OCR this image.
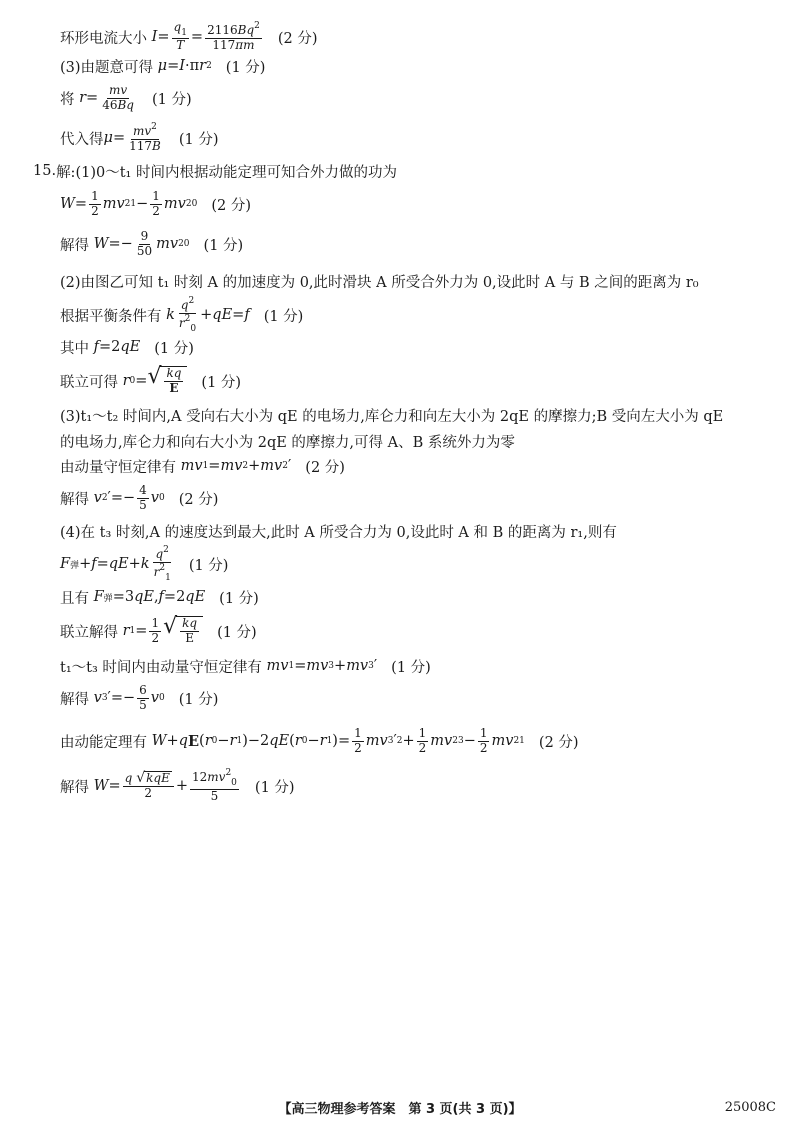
环形电流大小
$I = \frac{q_1}{T} = \frac{2116Bq^2}{117\pi m} (2$ 分)
(3)由题意可得
μ = I ·π r 2 (1 分)
将
$r = \frac{mv}{46Bq} (1$ 分)
代入得 $\mu = \frac{mv^2}{117B} (1$ 分)
15. 解:(1)0～t₁ 时间内根据动能定理可知合外力做的功为
$W = \frac{1}{2}$ mv 2 $1 - \frac{1}{2}$ mv 2 0 (2 分)
解得
$W =- \frac{9}{50}$ mv 2 0 (1 分)
(2)由图乙可知 t₁ 时刻 A 的加速度为 0,此时滑块 A 所受合外力为 0,设此时 A 与 B 之间的距离为 r₀
根据平衡条件有
k $\frac{q^2}{r^2_0}$ + qE = f (1 分)
其中
f =2 qE (1 分)
联立可得
r 0 = √ $\frac{kq}{E} (1$ 分)
(3)t₁～t₂ 时间内,A 受向右大小为 qE 的电场力,库仑力和向左大小为 2qE 的摩擦力;B 受向左大小为 qE
的电场力,库仑力和向右大小为 2qE 的摩擦力,可得 A、B 系统外力为零
由动量守恒定律有
mv 1 = mv 2 + mv 2 ′ (2 分)
解得
v 2 ′=− $\frac{4}{5}$ v 0 (2 分)
(4)在 t₃ 时刻,A 的速度达到最大,此时 A 所受合力为 0,设此时 A 和 B 的距离为 r₁,则有
F 弹 + f = qE + k $\frac{q^2}{r^2_1} (1$ 分)
且有
F 弹 =3 qE , f =2 qE (1 分)
联立解得
r $1 = \frac{1}{2}$ √ $\frac{kq}{E} (1$ 分)
t₁～t₃ 时间内由动量守恒定律有
mv 1 = mv 3 + mv 3 ′ (1 分)
解得
v 3 ′=− $\frac{6}{5}$ v 0 (1 分)
由动能定理有
W + q E ( r 0 − r 1 )−2 qE ( r 0 − r 1 )= $\frac{1}{2}$ mv 3 ′ $2 + \frac{1}{2}$ mv 2 $3 - \frac{1}{2}$ mv 2 1 (2 分)
解得
$W = \frac{\text{q √ kqE}}{2} + \frac{12mv^2_0}{5} (1$ 分)
【高三物理参考答案　第 3 页(共 3 页)】	25008C
